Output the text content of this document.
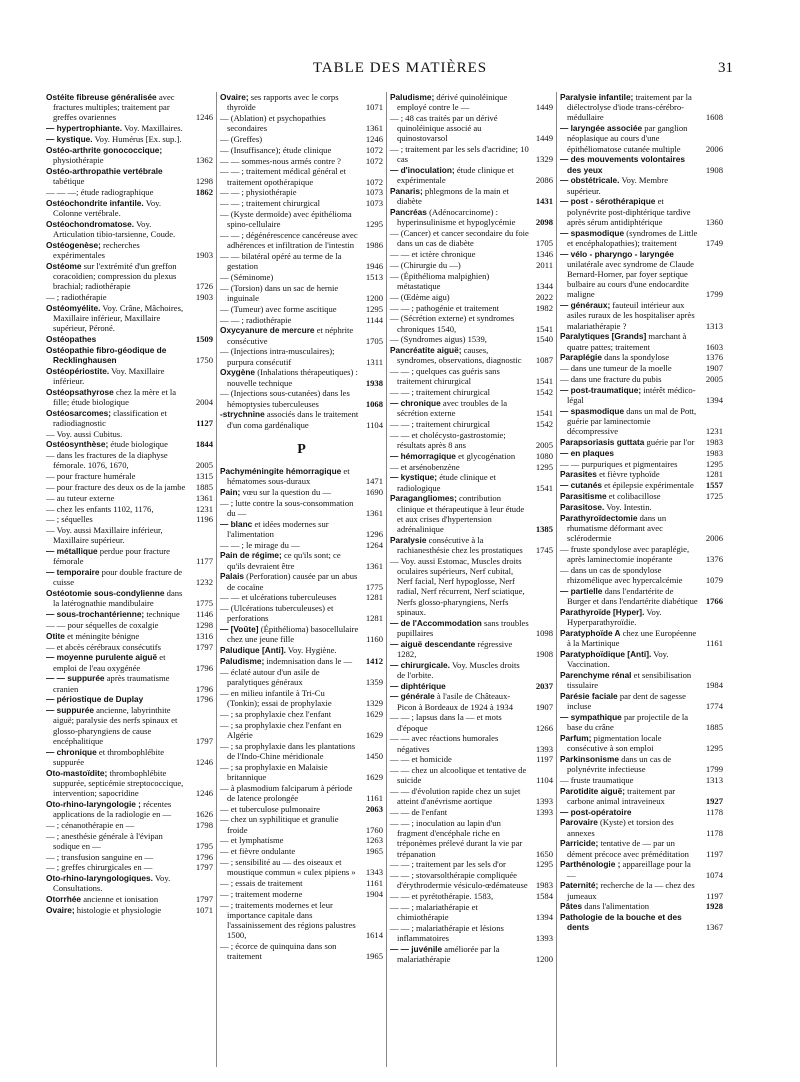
TABLE DES MATIÈRES	31
Ostéite fibreuse généralisée avec fractures multiples; traitement par greffes ovariennes	1246
— hypertrophiante. Voy. Maxillaires.
— kystique. Voy. Humérus [Ex. sup.].
Ostéo-arthrite gonococcique; physiothérapie	1362
Ostéo-arthropathie vertébrale tabétique	1298
— — —; étude radiographique	1862
Ostéochondrite infantile. Voy. Colonne vertébrale.
Ostéochondromatose. Voy. Articulation tibio-tarsienne, Coude.
Ostéogenèse; recherches expérimentales	1903
Ostéome sur l'extrémité d'un greffon coracoïdien; compression du plexus brachial; radiothérapie	1726
— ; radiothérapie	1903
Ostéomyélite. Voy. Crâne, Mâchoires, Maxillaire inférieur, Maxillaire supérieur, Péroné.
Ostéopathes	1509
Ostéopathie fibro-géodique de Recklinghausen	1750
Ostéopériostite. Voy. Maxillaire inférieur.
Ostéopsathyrose chez la mère et la fille; étude biologique	2004
Ostéosarcomes; classification et radiodiagnostic	1127
— Voy. aussi Cubitus.
Ostéosynthèse; étude biologique	1844
— dans les fractures de la diaphyse fémorale. 1076, 1670,	2005
— pour fracture humérale	1315
— pour fracture des deux os de la jambe	1885
— au tuteur externe	1361
— chez les enfants 1102, 1176,	1231
— ; séquelles	1196
— Voy. aussi Maxillaire inférieur, Maxillaire supérieur.
— métallique perdue pour fracture fémorale	1177
— temporaire pour double fracture de cuisse	1232
Ostéotomie sous-condylienne dans la latérognathie mandibulaire	1775
— sous-trochantérienne; technique	1146
— — pour séquelles de coxalgie	1298
Otite et méningite bénigne	1316
— et abcès cérébraux consécutifs	1797
— moyenne purulente aiguë et emploi de l'eau oxygénée	1796
— — suppurée après traumatisme cranien	1796
— périostique de Duplay	1796
— suppurée ancienne, labyrinthite aiguë; paralysie des nerfs spinaux et glosso-pharyngiens de cause encéphalitique	1797
— chronique et thrombophlébite suppurée	1246
Oto-mastoïdite; thrombophlébite suppurée, septicémie streptococcique, intervention; sapocridine	1246
Oto-rhino-laryngologie ; récentes applications de la radiologie en —	1626
— ; cénanothérapie en —	1798
— ; anesthésie générale à l'évipan sodique en —	1795
— ; transfusion sanguine en —	1796
— ; greffes chirurgicales en —	1797
Oto-rhino-laryngologiques. Voy. Consultations.
Otorrhée ancienne et ionisation	1797
Ovaire; histologie et physiologie	1071
Ovaire; ses rapports avec le corps thyroïde	1071
— (Ablation) et psychopathies secondaires	1361
— (Greffes)	1246
— (Insuffisance); étude clinique	1072
— — sommes-nous armés contre ?	1072
— — ; traitement médical général et traitement opothérapique	1072
— — ; physiothérapie	1073
— — ; traitement chirurgical	1073
— (Kyste dermoïde) avec épithélioma spino-cellulaire	1295
— — ; dégénérescence cancéreuse avec adhérences et infiltration de l'intestin	1986
— — bilatéral opéré au terme de la gestation	1946
— (Séminome)	1513
— (Torsion) dans un sac de hernie inguinale	1200
— (Tumeur) avec forme ascitique	1295
— — ; radiothérapie	1144
Oxycyanure de mercure et néphrite consécutive	1705
— (Injections intra-musculaires); purpura consécutif	1311
Oxygène (Inhalations thérapeutiques) : nouvelle technique	1938
— (Injections sous-cutanées) dans les hémoptysies tuberculeuses	1068
-strychnine associés dans le traitement d'un coma gardénalique	1104
P
Pachyméningite hémorragique et hématomes sous-duraux	1471
Pain; vœu sur la question du —	1690
— ; lutte contre la sous-consommation du —	1361
— blanc et idées modernes sur l'alimentation	1296
— — ; le mirage du —	1264
Pain de régime; ce qu'ils sont; ce qu'ils devraient être	1361
Palais (Perforation) causée par un abus de cocaïne	1775
— — et ulcérations tuberculeuses	1281
— (Ulcérations tuberculeuses) et perforations	1281
— [Voûte] (Épithélioma) basocellulaire chez une jeune fille	1160
Paludique [Anti]. Voy. Hygiène.
Paludisme; indemnisation dans le —	1412
— éclaté autour d'un asile de paralytiques généraux	1359
— en milieu infantile à Tri-Cu (Tonkin); essai de prophylaxie	1329
— ; sa prophylaxie chez l'enfant	1629
— ; sa prophylaxie chez l'enfant en Algérie	1629
— ; sa prophylaxie dans les plantations de l'Indo-Chine méridionale	1450
— ; sa prophylaxie en Malaisie britannique	1629
— à plasmodium falciparum à période de latence prolongée	1161
— et tuberculose pulmonaire	2063
— chez un syphilitique et granulie froide	1760
— et lymphatisme	1263
— et fièvre ondulante	1965
— ; sensibilité au — des oiseaux et moustique commun « culex pipiens »	1343
— ; essais de traitement	1161
— ; traitement moderne	1904
— ; traitements modernes et leur importance capitale dans l'assainissement des régions palustres 1500,	1614
— ; écorce de quinquina dans son traitement	1965
Paludisme; dérivé quinoléinique employé contre le —	1449
— ; 48 cas traités par un dérivé quinoléinique associé au quinostovarsol	1449
— ; traitement par les sels d'acridine; 10 cas	1329
— d'inoculation; étude clinique et expérimentale	2086
Panaris; phlegmons de la main et diabète	1431
Pancréas (Adénocarcinome) : hyperinsulinisme et hypoglycémie	2098
— (Cancer) et cancer secondaire du foie dans un cas de diabète	1705
— — et ictère chronique	1346
— (Chirurgie du —)	2011
— (Épithélioma malpighien) métastatique	1344
— (Œdème aigu)	2022
— — ; pathogénie et traitement	1982
— (Sécrétion externe) et syndromes chroniques 1540,	1541
— (Syndromes aigus) 1539,	1540
Pancréatite aiguë; causes, syndromes, observations, diagnostic	1087
— — ; quelques cas guéris sans traitement chirurgical	1541
— — ; traitement chirurgical	1542
— chronique avec troubles de la sécrétion externe	1541
— — ; traitement chirurgical	1542
— — et cholécysto-gastrostomie; résultats après 8 ans	2005
— hémorragique et glycogénation	1080
— et arsénobenzène	1295
— kystique; étude clinique et radiologique	1541
Paragangliomes; contribution clinique et thérapeutique à leur étude et aux crises d'hypertension adrénalinique	1385
Paralysie consécutive à la rachianesthésie chez les prostatiques	1745
— Voy. aussi Estomac, Muscles droits oculaires supérieurs, Nerf cubital, Nerf facial, Nerf hypoglosse, Nerf radial, Nerf récurrent, Nerf sciatique, Nerfs glosso-pharyngiens, Nerfs spinaux.
— de l'Accommodation sans troubles pupillaires	1098
— aiguë descendante régressive 1282,	1908
— chirurgicale. Voy. Muscles droits de l'orbite.
— diphtérique	2037
— générale à l'asile de Châteaux-Picon à Bordeaux de 1924 à 1934	1907
— — ; lapsus dans la — et mots d'époque	1266
— — avec réactions humorales négatives	1393
— — et homicide	1197
— — chez un alcoolique et tentative de suicide	1104
— — d'évolution rapide chez un sujet atteint d'anévrisme aortique	1393
— — de l'enfant	1393
— — ; inoculation au lapin d'un fragment d'encéphale riche en tréponèmes prélevé durant la vie par trépanation	1650
— — ; traitement par les sels d'or	1295
— — ; stovarsolthérapie compliquée d'érythrodermie vésiculo-œdémateuse 1983
— — et pyrétothérapie. 1583,	1584
— — ; malariathérapie et chimiothérapie	1394
— — ; malariathérapie et lésions inflammatoires	1393
— — juvénile améliorée par la malariathérapie	1200
Paralysie infantile; traitement par la diélectrolyse d'iode trans-cérébro-médullaire	1608
— laryngée associée par ganglion néoplasique au cours d'une épithéliomatose cutanée multiple	2006
— des mouvements volontaires des yeux	1908
— obstétricale. Voy. Membre supérieur.
— post - sérothérapique et polynévrite post-diphtérique tardive après sérum antidiphtérique	1360
— spasmodique (syndromes de Little et encéphalopathies); traitement	1749
— vélo - pharyngo - laryngée unilatérale avec syndrome de Claude Bernard-Horner, par foyer septique bulbaire au cours d'une endocardite maligne	1799
— généraux; fauteuil intérieur aux asiles ruraux de les hospitaliser après malariathérapie ?	1313
Paralytiques [Grands] marchant à quatre pattes; traitement	1603
Paraplégie dans la spondylose	1376
— dans une tumeur de la moelle	1907
— dans une fracture du pubis	2005
— post-traumatique; intérêt médico-légal	1394
— spasmodique dans un mal de Pott, guérie par laminectomie décompressive	1231
Parapsoriasis guttata guérie par l'or	1983
— en plaques	1983
— — purpuriques et pigmentaires	1295
Parasites et fièvre typhoïde	1281
— cutanés et épilepsie expérimentale	1557
Parasitisme et colibacillose	1725
Parasitose. Voy. Intestin.
Parathyroïdectomie dans un rhumatisme déformant avec sclérodermie	2006
— fruste spondylose avec paraplégie, après laminectomie inopérante	1376
— dans un cas de spondylose rhizomélique avec hypercalcémie	1079
— partielle dans l'endartérite de Burger et dans l'endartérite diabétique 1766
Parathyroïde [Hyper]. Voy. Hyperparathyroïdie.
Paratyphoïde A chez une Européenne à la Martinique	1161
Paratyphoïdique [Anti]. Voy. Vaccination.
Parenchyme rénal et sensibilisation tissulaire	1984
Parésie faciale par dent de sagesse incluse	1774
— sympathique par projectile de la base du crâne	1885
Parfum; pigmentation locale consécutive à son emploi	1295
Parkinsonisme dans un cas de polynévrite infectieuse	1799
— fruste traumatique	1313
Parotidite aiguë; traitement par carbone animal intraveineux	1927
— post-opératoire	1178
Parovaire (Kyste) et torsion des annexes	1178
Parricide; tentative de — par un dément précoce avec préméditation	1197
Parthénologie ; appareillage pour la —	1074
Paternité; recherche de la — chez des jumeaux	1197
Pâtes dans l'alimentation	1928
Pathologie de la bouche et des dents	1367
